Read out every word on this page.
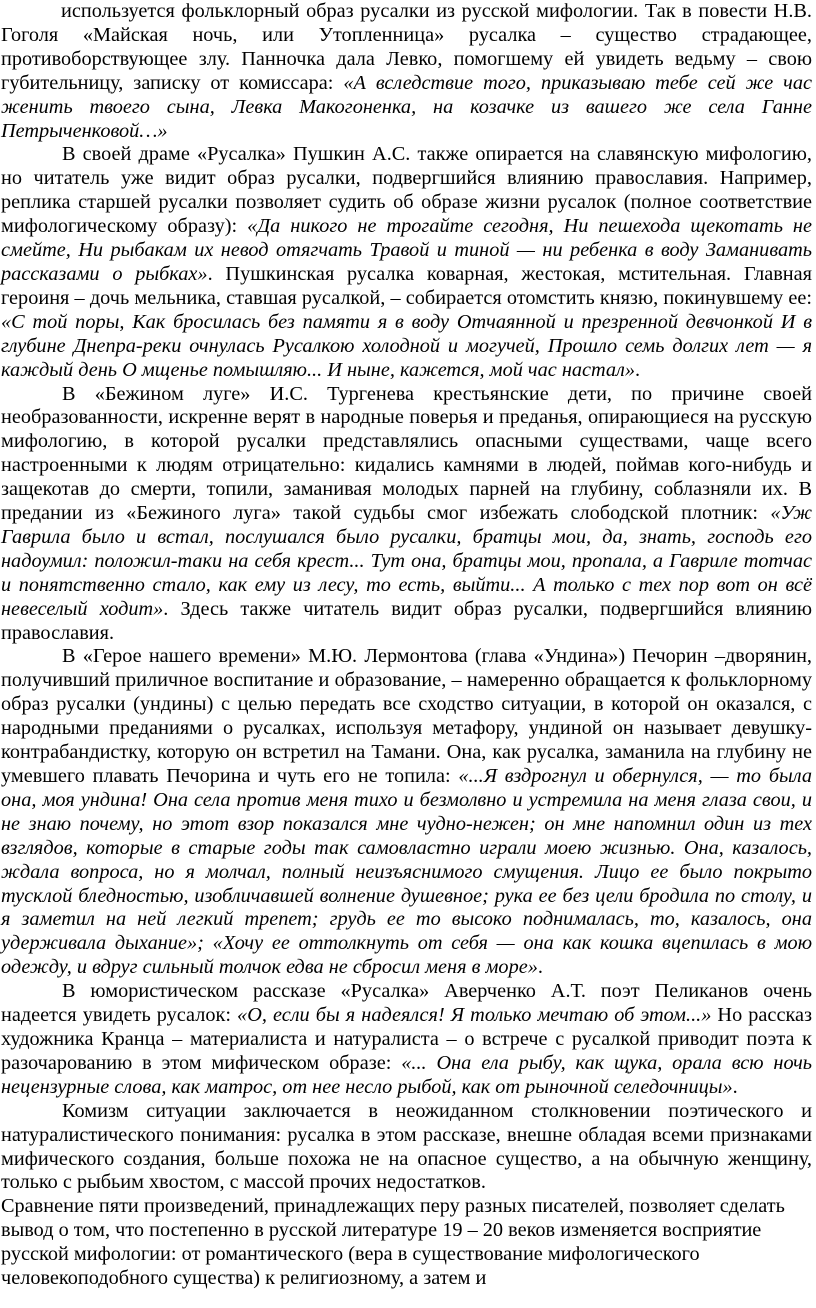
используется фольклорный образ русалки из русской мифологии. Так в повести Н.В. Гоголя «Майская ночь, или Утопленница» русалка – существо страдающее, противоборствующее злу. Панночка дала Левко, помогшему ей увидеть ведьму – свою губительницу, записку от комиссара: «А вследствие того, приказываю тебе сей же час женить твоего сына, Левка Макогоненка, на козачке из вашего же села Ганне Петрыченковой…»

В своей драме «Русалка» Пушкин А.С. также опирается на славянскую мифологию, но читатель уже видит образ русалки, подвергшийся влиянию православия. Например, реплика старшей русалки позволяет судить об образе жизни русалок (полное соответствие мифологическому образу): «Да никого не трогайте сегодня, Ни пешехода щекотать не смейте, Ни рыбакам их невод отягчать Травой и тиной — ни ребенка в воду Заманивать рассказами о рыбках». Пушкинская русалка коварная, жестокая, мстительная. Главная героиня – дочь мельника, ставшая русалкой, – собирается отомстить князю, покинувшему ее: «С той поры, Как бросилась без памяти я в воду Отчаянной и презренной девчонкой И в глубине Днепра-реки очнулась Русалкою холодной и могучей, Прошло семь долгих лет — я каждый день О мщенье помышляю... И ныне, кажется, мой час настал».

В «Бежином луге» И.С. Тургенева крестьянские дети, по причине своей необразованности, искренне верят в народные поверья и преданья, опирающиеся на русскую мифологию, в которой русалки представлялись опасными существами, чаще всего настроенными к людям отрицательно: кидались камнями в людей, поймав кого-нибудь и защекотав до смерти, топили, заманивая молодых парней на глубину, соблазняли их. В предании из «Бежиного луга» такой судьбы смог избежать слободской плотник: «Уж Гаврила было и встал, послушался было русалки, братцы мои, да, знать, господь его надоумил: положил-таки на себя крест... Тут она, братцы мои, пропала, а Гавриле тотчас и понятственно стало, как ему из лесу, то есть, выйти... А только с тех пор вот он всё невеселый ходит». Здесь также читатель видит образ русалки, подвергшийся влиянию православия.

В «Герое нашего времени» М.Ю. Лермонтова (глава «Ундина») Печорин –дворянин, получивший приличное воспитание и образование, – намеренно обращается к фольклорному образ русалки (ундины) с целью передать все сходство ситуации, в которой он оказался, с народными преданиями о русалках, используя метафору, ундиной он называет девушку-контрабандистку, которую он встретил на Тамани. Она, как русалка, заманила на глубину не умевшего плавать Печорина и чуть его не топила: «...Я вздрогнул и обернулся, — то была она, моя ундина! Она села против меня тихо и безмолвно и устремила на меня глаза свои, и не знаю почему, но этот взор показался мне чудно-нежен; он мне напомнил один из тех взглядов, которые в старые годы так самовластно играли моею жизнью. Она, казалось, ждала вопроса, но я молчал, полный неизъяснимого смущения. Лицо ее было покрыто тусклой бледностью, изобличавшей волнение душевное; рука ее без цели бродила по столу, и я заметил на ней легкий трепет; грудь ее то высоко поднималась, то, казалось, она удерживала дыхание»; «Хочу ее оттолкнуть от себя — она как кошка вцепилась в мою одежду, и вдруг сильный толчок едва не сбросил меня в море».

В юмористическом рассказе «Русалка» Аверченко А.Т. поэт Пеликанов очень надеется увидеть русалок: «О, если бы я надеялся! Я только мечтаю об этом...» Но рассказ художника Кранца – материалиста и натуралиста – о встрече с русалкой приводит поэта к разочарованию в этом мифическом образе: «... Она ела рыбу, как щука, орала всю ночь нецензурные слова, как матрос, от нее несло рыбой, как от рыночной селедочницы».

Комизм ситуации заключается в неожиданном столкновении поэтического и натуралистического понимания: русалка в этом рассказе, внешне обладая всеми признаками мифического создания, больше похожа не на опасное существо, а на обычную женщину, только с рыбьим хвостом, с массой прочих недостатков.

Сравнение пяти произведений, принадлежащих перу разных писателей, позволяет сделать вывод о том, что постепенно в русской литературе 19 – 20 веков изменяется восприятие русской мифологии: от романтического (вера в существование мифологического человекоподобного существа) к религиозному, а затем и
